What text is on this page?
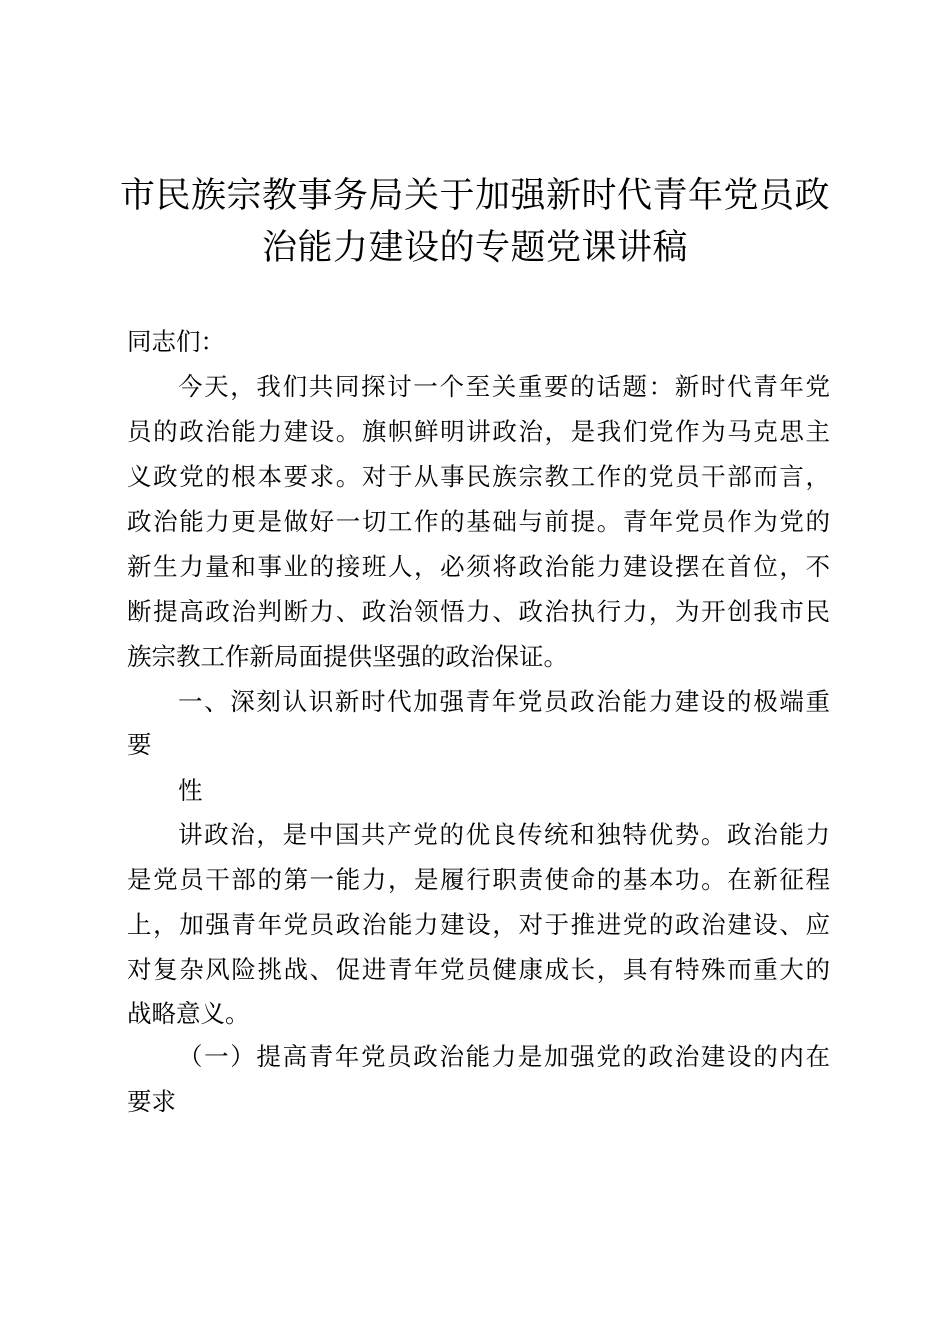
市民族宗教事务局关于加强新时代青年党员政
治能力建设的专题党课讲稿
同志们：
今天，我们共同探讨一个至关重要的话题：新时代青年党
员的政治能力建设。旗帜鲜明讲政治，是我们党作为马克思主
义政党的根本要求。对于从事民族宗教工作的党员干部而言，
政治能力更是做好一切工作的基础与前提。青年党员作为党的
新生力量和事业的接班人，必须将政治能力建设摆在首位，不
断提高政治判断力、政治领悟力、政治执行力，为开创我市民
族宗教工作新局面提供坚强的政治保证。
一、深刻认识新时代加强青年党员政治能力建设的极端重
要
性
讲政治，是中国共产党的优良传统和独特优势。政治能力
是党员干部的第一能力，是履行职责使命的基本功。在新征程
上，加强青年党员政治能力建设，对于推进党的政治建设、应
对复杂风险挑战、促进青年党员健康成长，具有特殊而重大的
战略意义。
（一）提高青年党员政治能力是加强党的政治建设的内在
要求
